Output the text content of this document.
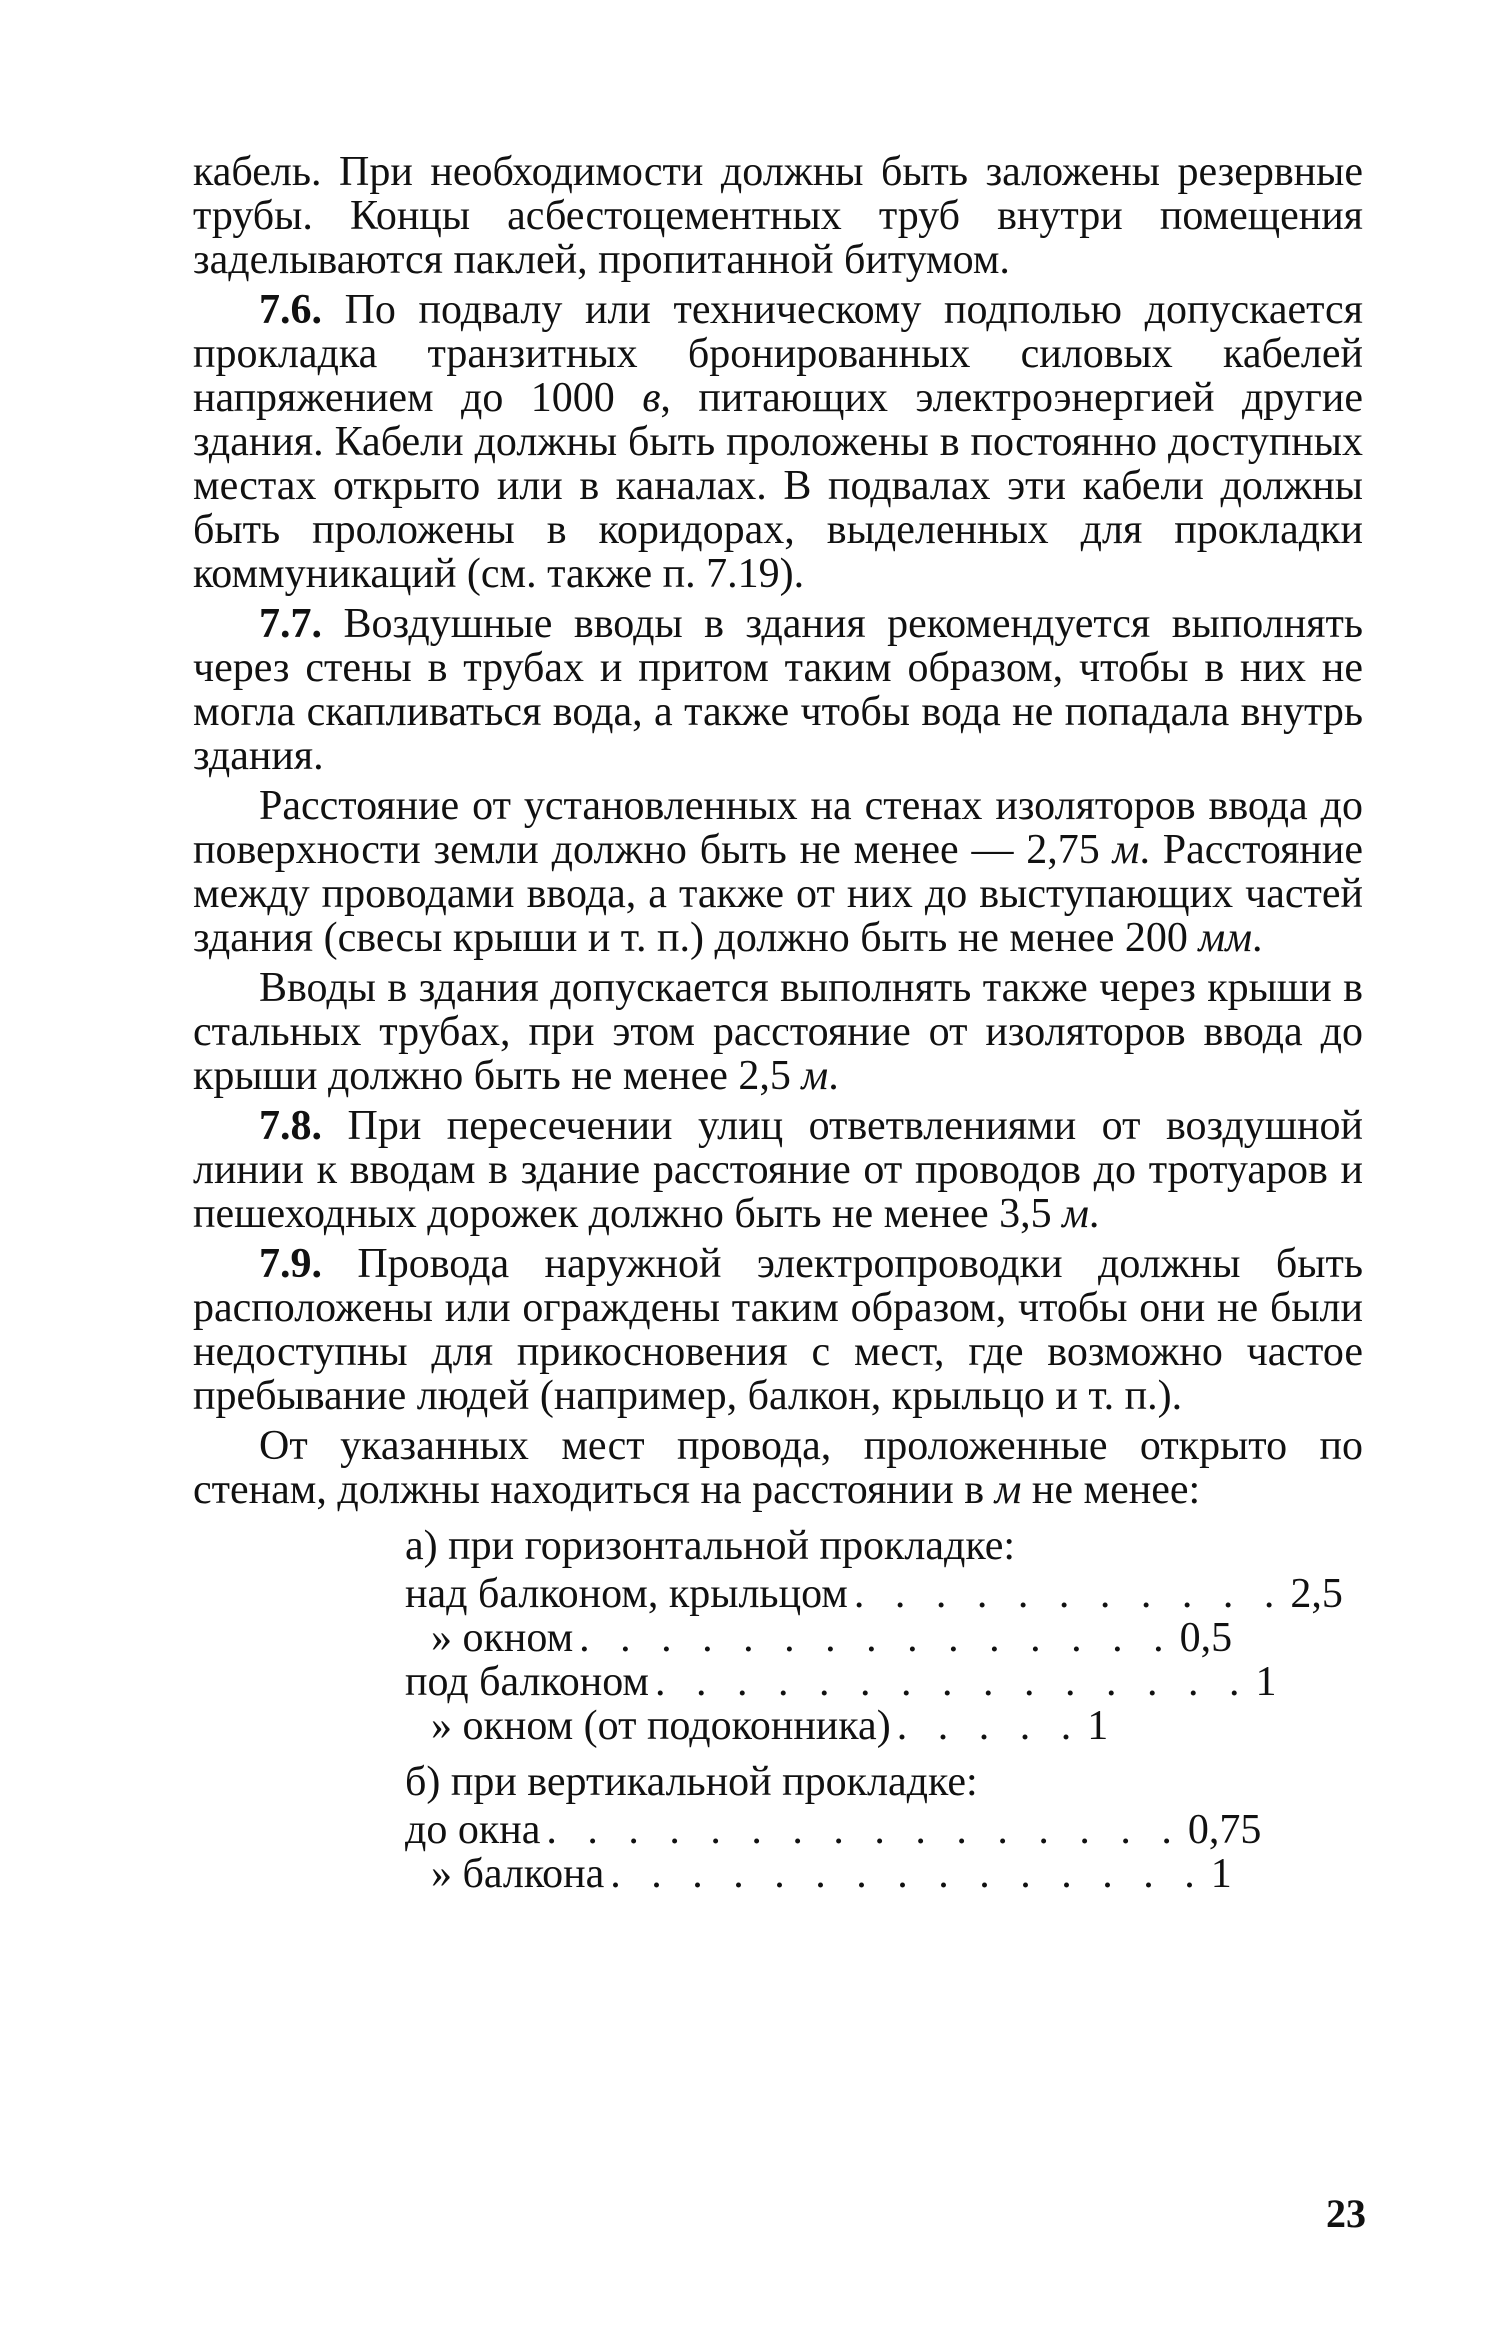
кабель. При необходимости должны быть заложены резервные трубы. Концы асбестоцементных труб внутри помещения заделываются паклей, пропитанной битумом.

7.6. По подвалу или техническому подполью допускается прокладка транзитных бронированных силовых кабелей напряжением до 1000 в, питающих электроэнергией другие здания. Кабели должны быть проложены в постоянно доступных местах открыто или в каналах. В подвалах эти кабели должны быть проложены в коридорах, выделенных для прокладки коммуникаций (см. также п. 7.19).

7.7. Воздушные вводы в здания рекомендуется выполнять через стены в трубах и притом таким образом, чтобы в них не могла скапливаться вода, а также чтобы вода не попадала внутрь здания.

Расстояние от установленных на стенах изоляторов ввода до поверхности земли должно быть не менее — 2,75 м. Расстояние между проводами ввода, а также от них до выступающих частей здания (свесы крыши и т. п.) должно быть не менее 200 мм.

Вводы в здания допускается выполнять также через крыши в стальных трубах, при этом расстояние от изоляторов ввода до крыши должно быть не менее 2,5 м.

7.8. При пересечении улиц ответвлениями от воздушной линии к вводам в здание расстояние от проводов до тротуаров и пешеходных дорожек должно быть не менее 3,5 м.

7.9. Провода наружной электропроводки должны быть расположены или ограждены таким образом, чтобы они не были недоступны для прикосновения с мест, где возможно частое пребывание людей (например, балкон, крыльцо и т. п.).

От указанных мест провода, проложенные открыто по стенам, должны находиться на расстоянии в м не менее:

а) при горизонтальной прокладке:
над балконом, крыльцом . . . . . . . . . . . 2,5
» окном . . . . . . . . . . . . . . . 0,5
под балконом . . . . . . . . . . . . . . . 1
» окном (от подоконника) . . . . . 1
б) при вертикальной прокладке:
до окна . . . . . . . . . . . . . . . . 0,75
» балкона . . . . . . . . . . . . . . . 1
23
